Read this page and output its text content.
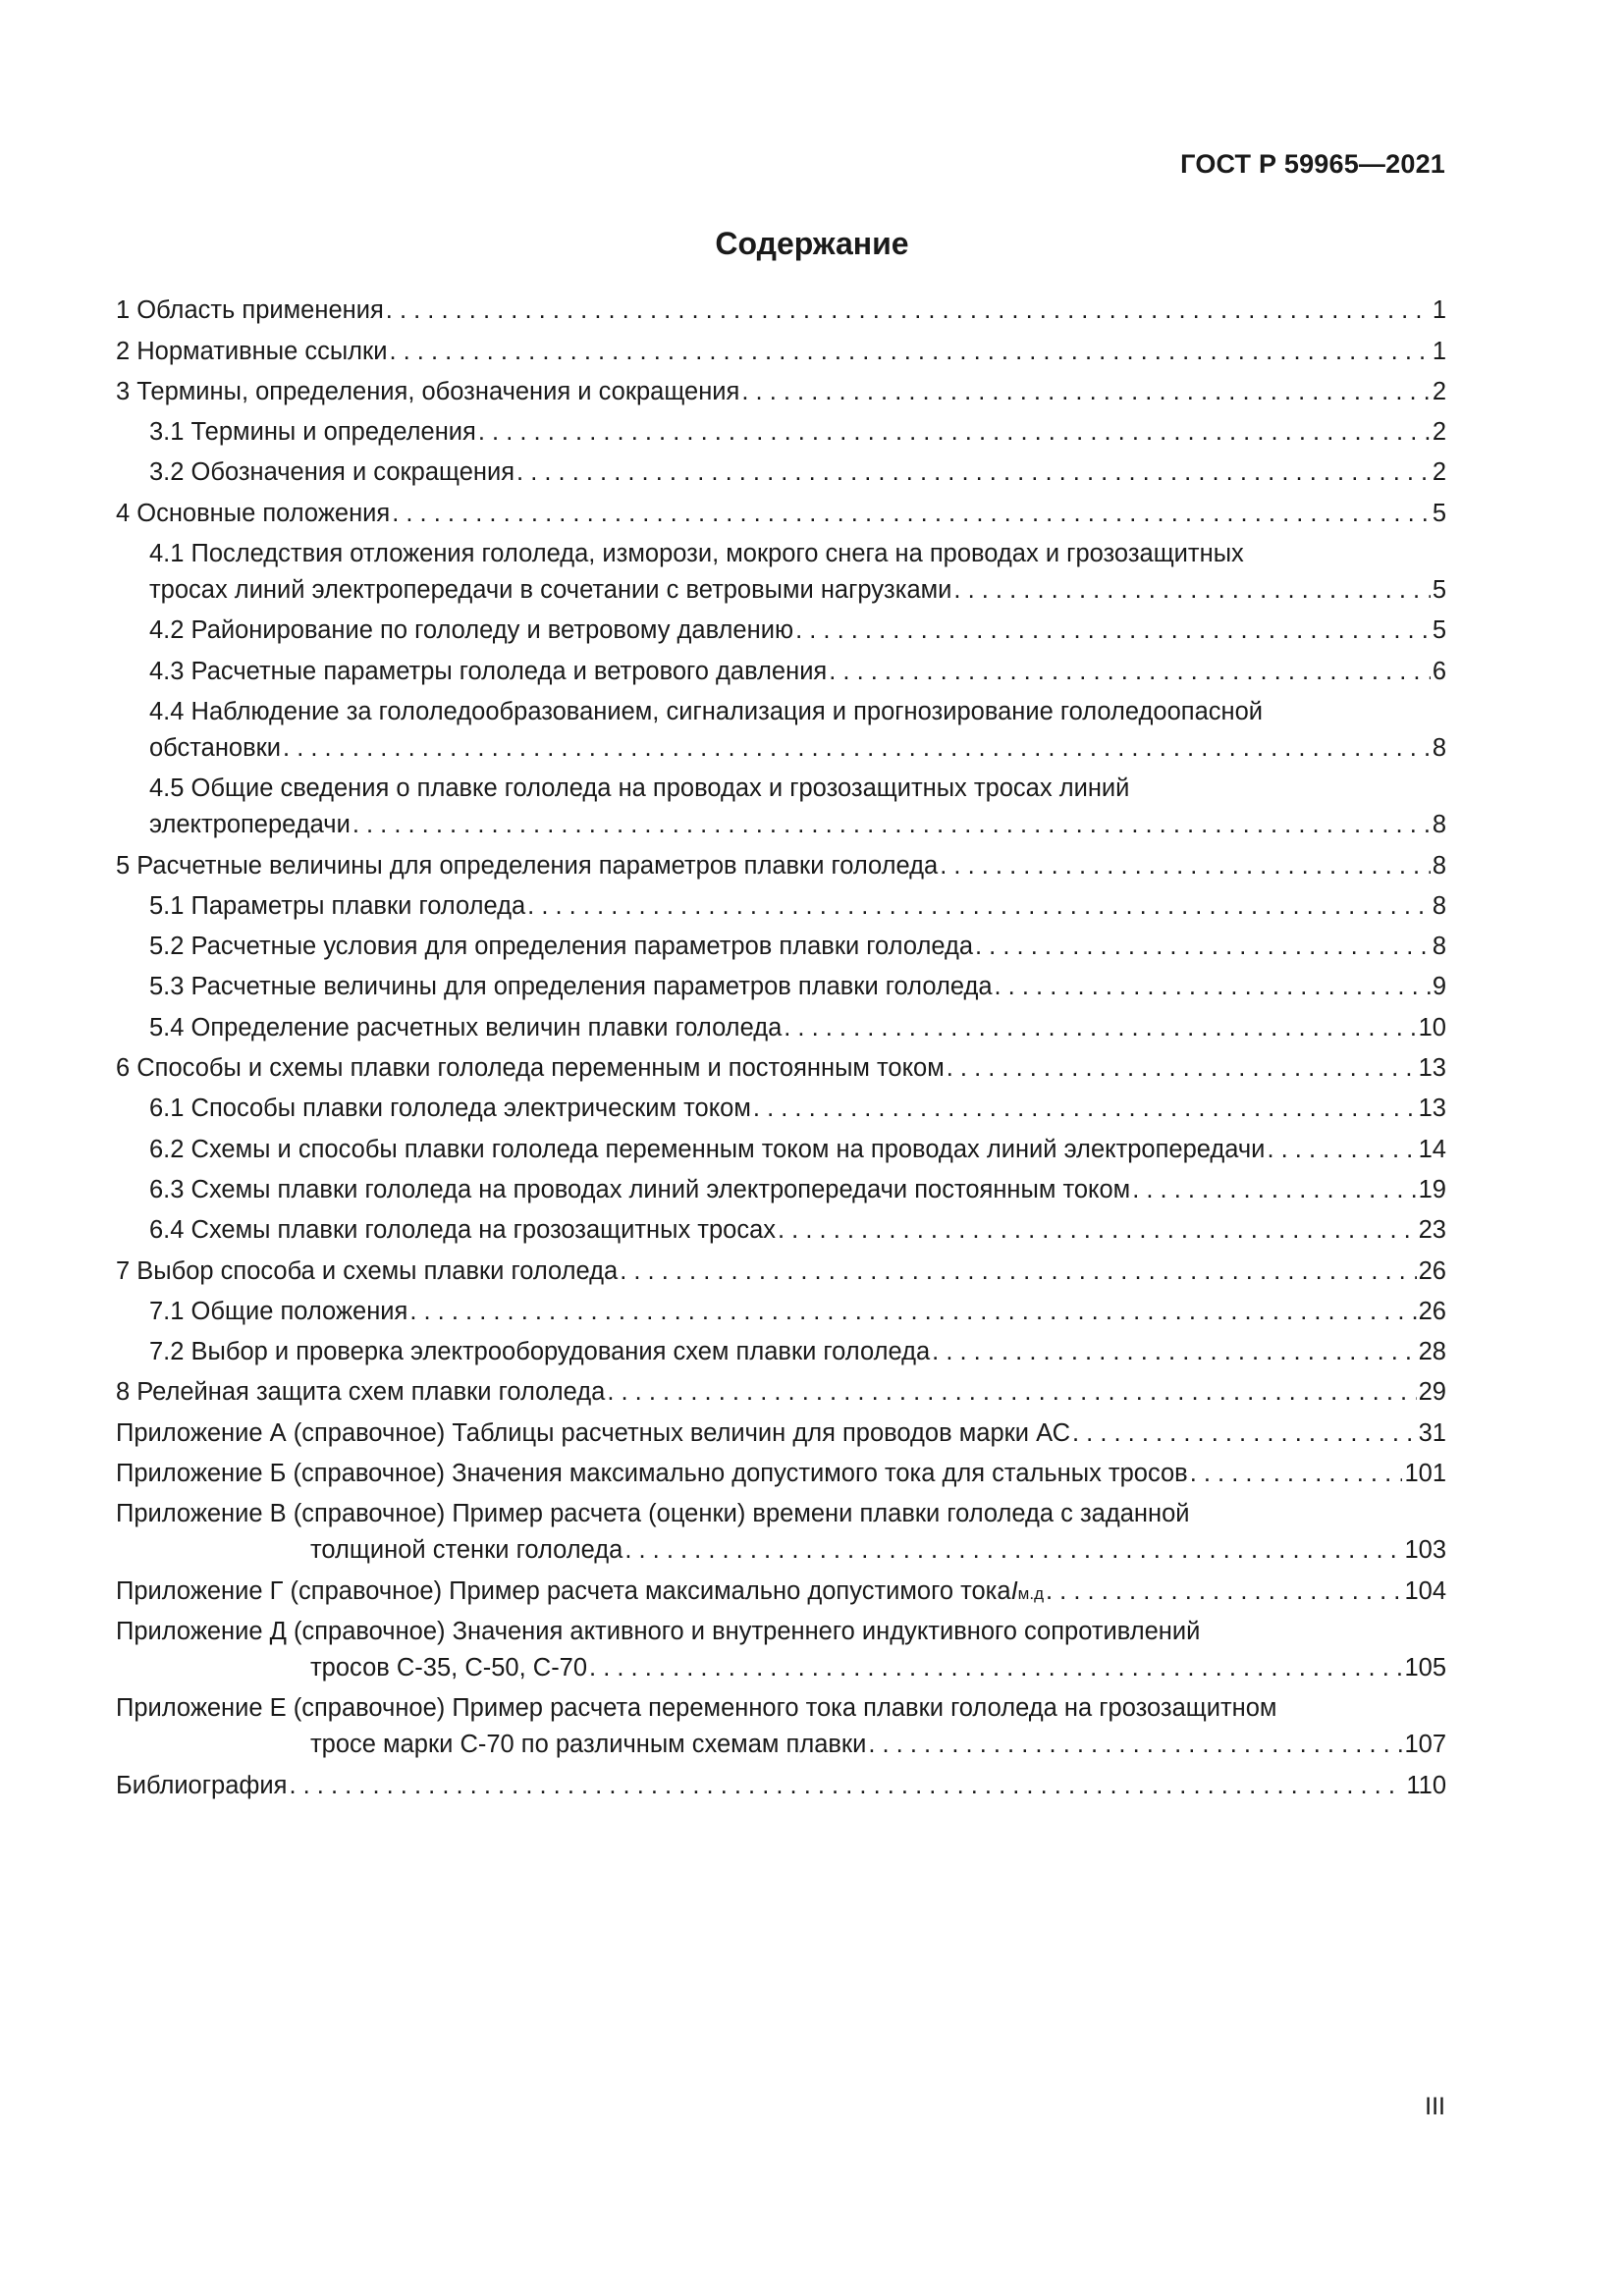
ГОСТ Р 59965—2021
Содержание
1 Область применения . . .	1
2 Нормативные ссылки . . .	1
3 Термины, определения, обозначения и сокращения . . .	2
3.1 Термины и определения . . .	2
3.2 Обозначения и сокращения . . .	2
4 Основные положения . . .	5
4.1 Последствия отложения гололеда, изморози, мокрого снега на проводах и грозозащитных
тросах линий электропередачи в сочетании с ветровыми нагрузками . . .	5
4.2 Районирование по гололеду и ветровому давлению . . .	5
4.3 Расчетные параметры гололеда и ветрового давления . . .	6
4.4 Наблюдение за гололедообразованием, сигнализация и прогнозирование гололедоопасной
обстановки . . .	8
4.5 Общие сведения о плавке гололеда на проводах и грозозащитных тросах линий
электропередачи . . .	8
5 Расчетные величины для определения параметров плавки гололеда . . .	8
5.1 Параметры плавки гололеда . . .	8
5.2 Расчетные условия для определения параметров плавки гололеда . . .	8
5.3 Расчетные величины для определения параметров плавки гололеда . . .	9
5.4 Определение расчетных величин плавки гололеда . . .	10
6 Способы и схемы плавки гололеда переменным и постоянным током . . .	13
6.1 Способы плавки гололеда электрическим током . . .	13
6.2 Схемы и способы плавки гололеда переменным током на проводах линий электропередачи . . .	14
6.3 Схемы плавки гололеда на проводах линий электропередачи постоянным током . . .	19
6.4 Схемы плавки гололеда на грозозащитных тросах . . .	23
7 Выбор способа и схемы плавки гололеда . . .	26
7.1 Общие положения . . .	26
7.2 Выбор и проверка электрооборудования схем плавки гололеда . . .	28
8 Релейная защита схем плавки гололеда . . .	29
Приложение А (справочное) Таблицы расчетных величин для проводов марки АС . . .	31
Приложение Б (справочное) Значения максимально допустимого тока для стальных тросов . . .	101
Приложение В (справочное) Пример расчета (оценки) времени плавки гололеда с заданной
толщиной стенки гололеда . . .	103
Приложение Г (справочное) Пример расчета максимально допустимого тока I м.д . . .	104
Приложение Д (справочное) Значения активного и внутреннего индуктивного сопротивлений
тросов С-35, С-50, С-70 . . .	105
Приложение Е (справочное) Пример расчета переменного тока плавки гололеда на грозозащитном
тросе марки С-70 по различным схемам плавки . . .	107
Библиография . . .	110
III
